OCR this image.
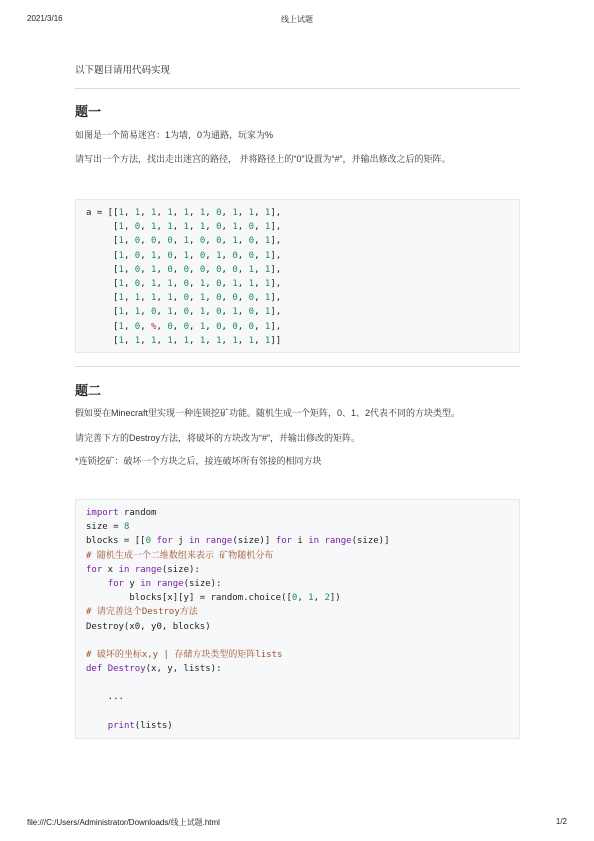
2021/3/16	线上试题
以下题目请用代码实现
题一
如图是一个简易迷宫：1为墙，0为通路，玩家为%
请写出一个方法，找出走出迷宫的路径， 并将路径上的“0”设置为“#”，并输出修改之后的矩阵。
a = [[1, 1, 1, 1, 1, 1, 0, 1, 1, 1],
[1, 0, 1, 1, 1, 1, 0, 1, 0, 1],
[1, 0, 0, 0, 1, 0, 0, 1, 0, 1],
[1, 0, 1, 0, 1, 0, 1, 0, 0, 1],
[1, 0, 1, 0, 0, 0, 0, 0, 1, 1],
[1, 0, 1, 1, 0, 1, 0, 1, 1, 1],
[1, 1, 1, 1, 0, 1, 0, 0, 0, 1],
[1, 1, 0, 1, 0, 1, 0, 1, 0, 1],
[1, 0, %, 0, 0, 1, 0, 0, 0, 1],
[1, 1, 1, 1, 1, 1, 1, 1, 1, 1]]
题二
假如要在Minecraft里实现一种连锁挖矿功能。随机生成一个矩阵，0、1、2代表不同的方块类型。
请完善下方的Destroy方法，将破坏的方块改为“#”，并输出修改的矩阵。
*连锁挖矿：破坏一个方块之后，接连破坏所有邻接的相同方块
import random
size = 8
blocks = [[0 for j in range(size)] for i in range(size)]
# 随机生成一个二维数组来表示 矿物随机分布
for x in range(size):
for y in range(size):
blocks[x][y] = random.choice([0, 1, 2])
# 请完善这个Destroy方法
Destroy(x0, y0, blocks)

# 破坏的坐标x,y | 存储方块类型的矩阵lists
def Destroy(x, y, lists):

...

print(lists)
file:///C:/Users/Administrator/Downloads/线上试题.html	1/2
